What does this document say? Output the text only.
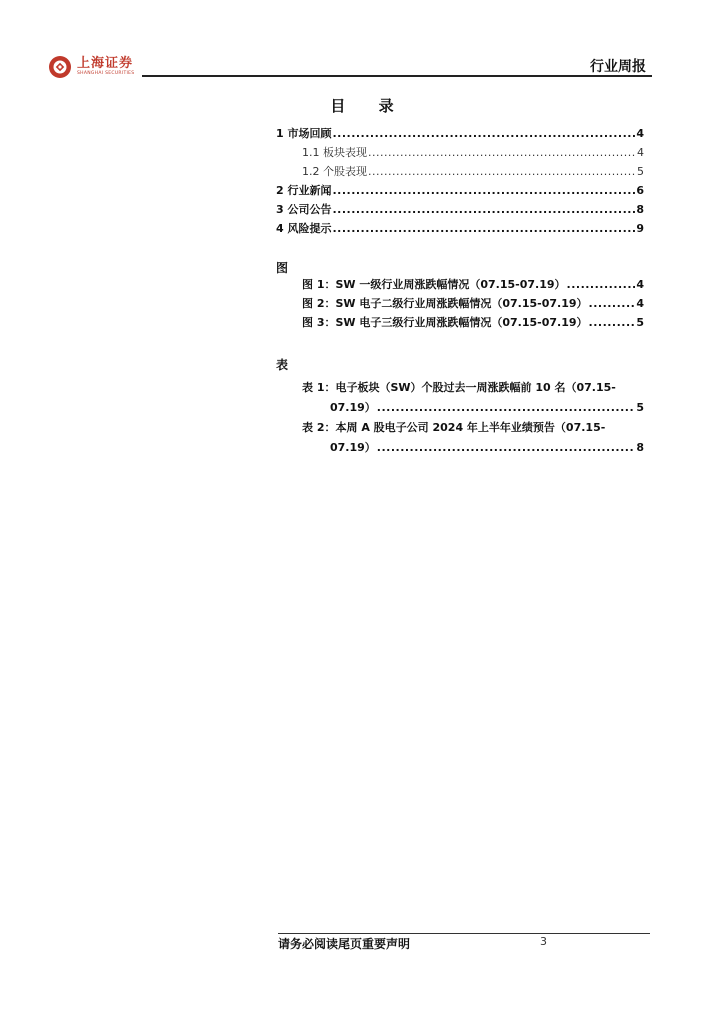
上海证券
SHANGHAI SECURITIES	行业周报
目 录
1 市场回顾 .....	4
1.1 板块表现 .....	4
1.2 个股表现 .....	5
2 行业新闻 .....	6
3 公司公告 .....	8
4 风险提示 .....	9
图
图 1：SW 一级行业周涨跌幅情况（07.15-07.19） .....	4
图 2：SW 电子二级行业周涨跌幅情况（07.15-07.19） .....	4
图 3：SW 电子三级行业周涨跌幅情况（07.15-07.19） .....	5
表
表 1：电子板块（SW）个股过去一周涨跌幅前 10 名（07.15-
07.19） .....	5
表 2：本周 A 股电子公司 2024 年上半年业绩预告（07.15-
07.19） .....	8
请务必阅读尾页重要声明	3
